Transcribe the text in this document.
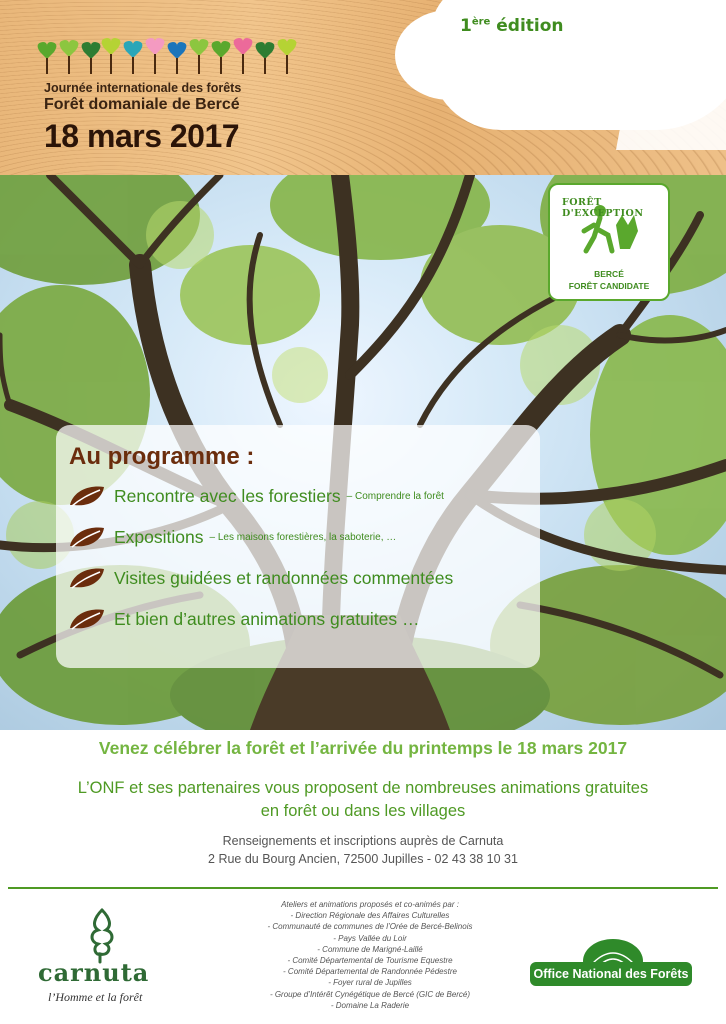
1ère édition
Journée internationale des forêts
Forêt domaniale de Bercé
18 mars 2017
FORÊT D'EXCEPTION
BERCÉ
FORÊT CANDIDATE
Au programme :
Rencontre avec les forestiers – Comprendre la forêt
Expositions – Les maisons forestières, la saboterie, …
Visites guidées et randonnées commentées
Et bien d’autres animations gratuites …
Venez célébrer la forêt et l’arrivée du printemps le 18 mars 2017
L’ONF et ses partenaires vous proposent de nombreuses animations gratuites
en forêt ou dans les villages
Renseignements et inscriptions auprès de Carnuta
2 Rue du Bourg Ancien, 72500 Jupilles - 02 43 38 10 31
carnuta
l’Homme et la forêt
Ateliers et animations proposés et co-animés par :
- Direction Régionale des Affaires Culturelles
- Communauté de communes de l’Orée de Bercé-Belinois
- Pays Vallée du Loir
- Commune de Marigné-Laillé
- Comité Départemental de Tourisme Equestre
- Comité Départemental de Randonnée Pédestre
- Foyer rural de Jupilles
- Groupe d’Intérêt Cynégétique de Bercé (GIC de Bercé)
- Domaine La Raderie
Office National des Forêts
